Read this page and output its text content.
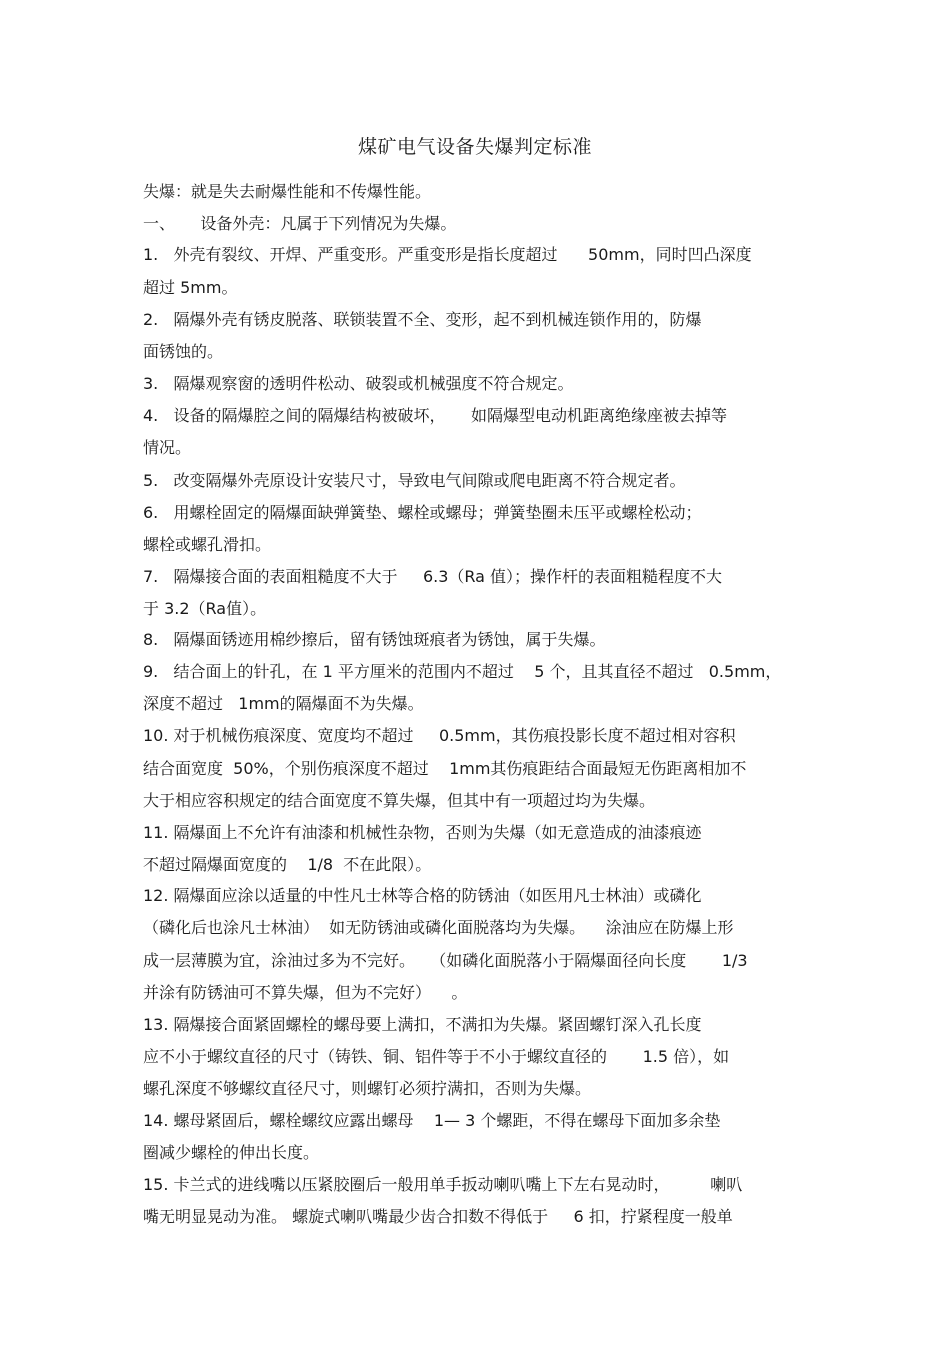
煤矿电气设备失爆判定标准
失爆：就是失去耐爆性能和不传爆性能。
一、     设备外壳：凡属于下列情况为失爆。
1.   外壳有裂纹、开焊、严重变形。严重变形是指长度超过      50mm，同时凹凸深度
超过 5mm。
2.   隔爆外壳有锈皮脱落、联锁装置不全、变形，起不到机械连锁作用的，防爆
面锈蚀的。
3.   隔爆观察窗的透明件松动、破裂或机械强度不符合规定。
4.   设备的隔爆腔之间的隔爆结构被破坏，     如隔爆型电动机距离绝缘座被去掉等
情况。
5.   改变隔爆外壳原设计安装尺寸，导致电气间隙或爬电距离不符合规定者。
6.   用螺栓固定的隔爆面缺弹簧垫、螺栓或螺母；弹簧垫圈未压平或螺栓松动；
螺栓或螺孔滑扣。
7.   隔爆接合面的表面粗糙度不大于     6.3（Ra 值）；操作杆的表面粗糙程度不大
于 3.2（Ra值）。
8.   隔爆面锈迹用棉纱擦后，留有锈蚀斑痕者为锈蚀，属于失爆。
9.   结合面上的针孔，在 1 平方厘米的范围内不超过    5 个，且其直径不超过   0.5mm，
深度不超过   1mm的隔爆面不为失爆。
10. 对于机械伤痕深度、宽度均不超过     0.5mm，其伤痕投影长度不超过相对容积
结合面宽度  50%，个别伤痕深度不超过    1mm其伤痕距结合面最短无伤距离相加不
大于相应容积规定的结合面宽度不算失爆，但其中有一项超过均为失爆。
11. 隔爆面上不允许有油漆和机械性杂物，否则为失爆（如无意造成的油漆痕迹
不超过隔爆面宽度的    1/8  不在此限）。
12. 隔爆面应涂以适量的中性凡士林等合格的防锈油（如医用凡士林油）或磷化
（磷化后也涂凡士林油）  如无防锈油或磷化面脱落均为失爆。    涂油应在防爆上形
成一层薄膜为宜，涂油过多为不完好。   （如磷化面脱落小于隔爆面径向长度       1/3
并涂有防锈油可不算失爆，但为不完好）    。
13. 隔爆接合面紧固螺栓的螺母要上满扣，不满扣为失爆。紧固螺钉深入孔长度
应不小于螺纹直径的尺寸（铸铁、铜、铝件等于不小于螺纹直径的       1.5 倍），如
螺孔深度不够螺纹直径尺寸，则螺钉必须拧满扣，否则为失爆。
14. 螺母紧固后，螺栓螺纹应露出螺母    1— 3 个螺距，不得在螺母下面加多余垫
圈减少螺栓的伸出长度。
15. 卡兰式的进线嘴以压紧胶圈后一般用单手扳动喇叭嘴上下左右晃动时，        喇叭
嘴无明显晃动为准。 螺旋式喇叭嘴最少齿合扣数不得低于     6 扣，拧紧程度一般单
